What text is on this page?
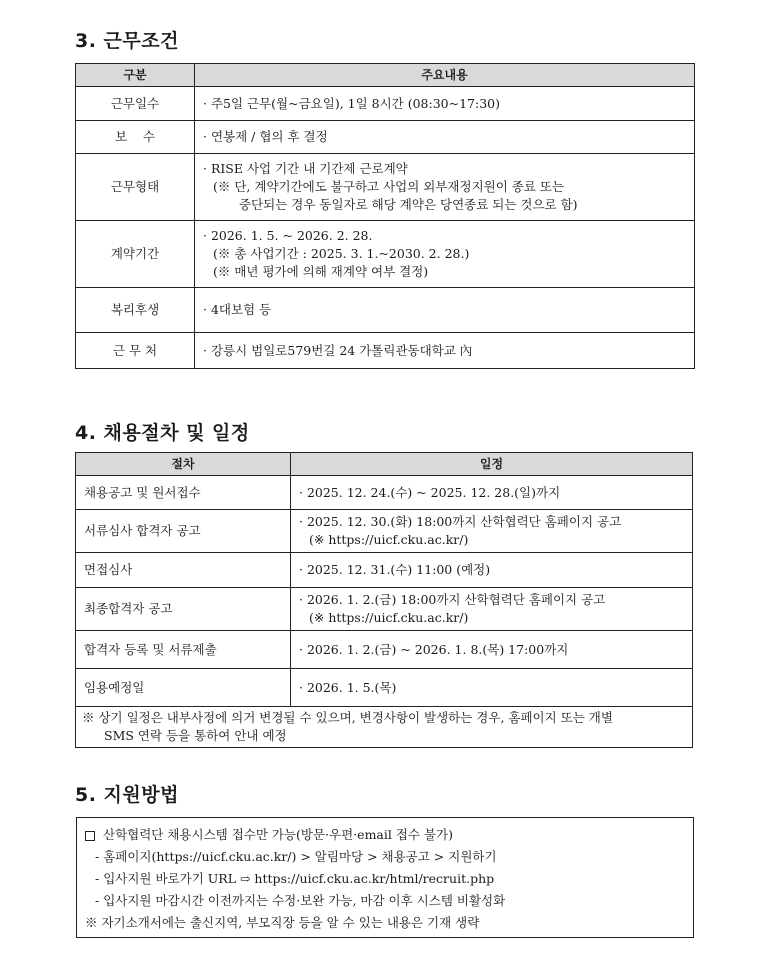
3. 근무조건
구분	주요내용
근무일수	· 주5일 근무(월~금요일), 1일 8시간 (08:30~17:30)

보    수	· 연봉제 / 협의 후 결정

근무형태	· RISE 사업 기간 내 기간제 근로계약
(※ 단, 계약기간에도 불구하고 사업의 외부재정지원이 종료 또는
중단되는 경우 동일자로 해당 계약은 당연종료 되는 것으로 함)

계약기간	· 2026. 1. 5. ~ 2026. 2. 28.
(※ 총 사업기간 : 2025. 3. 1.~2030. 2. 28.)
(※ 매년 평가에 의해 재계약 여부 결정)

복리후생	· 4대보험 등

근 무 처	· 강릉시 범일로579번길 24 가톨릭관동대학교 內
4. 채용절차 및 일정
절차	일정
채용공고 및 원서접수	· 2025. 12. 24.(수) ~ 2025. 12. 28.(일)까지

서류심사 합격자 공고	· 2025. 12. 30.(화) 18:00까지 산학협력단 홈페이지 공고
(※ https://uicf.cku.ac.kr/)

면접심사	· 2025. 12. 31.(수) 11:00 (예정)

최종합격자 공고	· 2026. 1. 2.(금) 18:00까지 산학협력단 홈페이지 공고
(※ https://uicf.cku.ac.kr/)

합격자 등록 및 서류제출	· 2026. 1. 2.(금) ~ 2026. 1. 8.(목) 17:00까지

임용예정일	· 2026. 1. 5.(목)

※ 상기 일정은 내부사정에 의거 변경될 수 있으며, 변경사항이 발생하는 경우, 홈페이지 또는 개별
SMS 연락 등을 통하여 안내 예정	
5. 지원방법
산학협력단 채용시스템 접수만 가능(방문·우편·email 접수 불가)
- 홈페이지(https://uicf.cku.ac.kr/) > 알림마당 > 채용공고 > 지원하기
- 입사지원 바로가기 URL ⇨ https://uicf.cku.ac.kr/html/recruit.php
- 입사지원 마감시간 이전까지는 수정·보완 가능, 마감 이후 시스템 비활성화
※ 자기소개서에는 출신지역, 부모직장 등을 알 수 있는 내용은 기재 생략
